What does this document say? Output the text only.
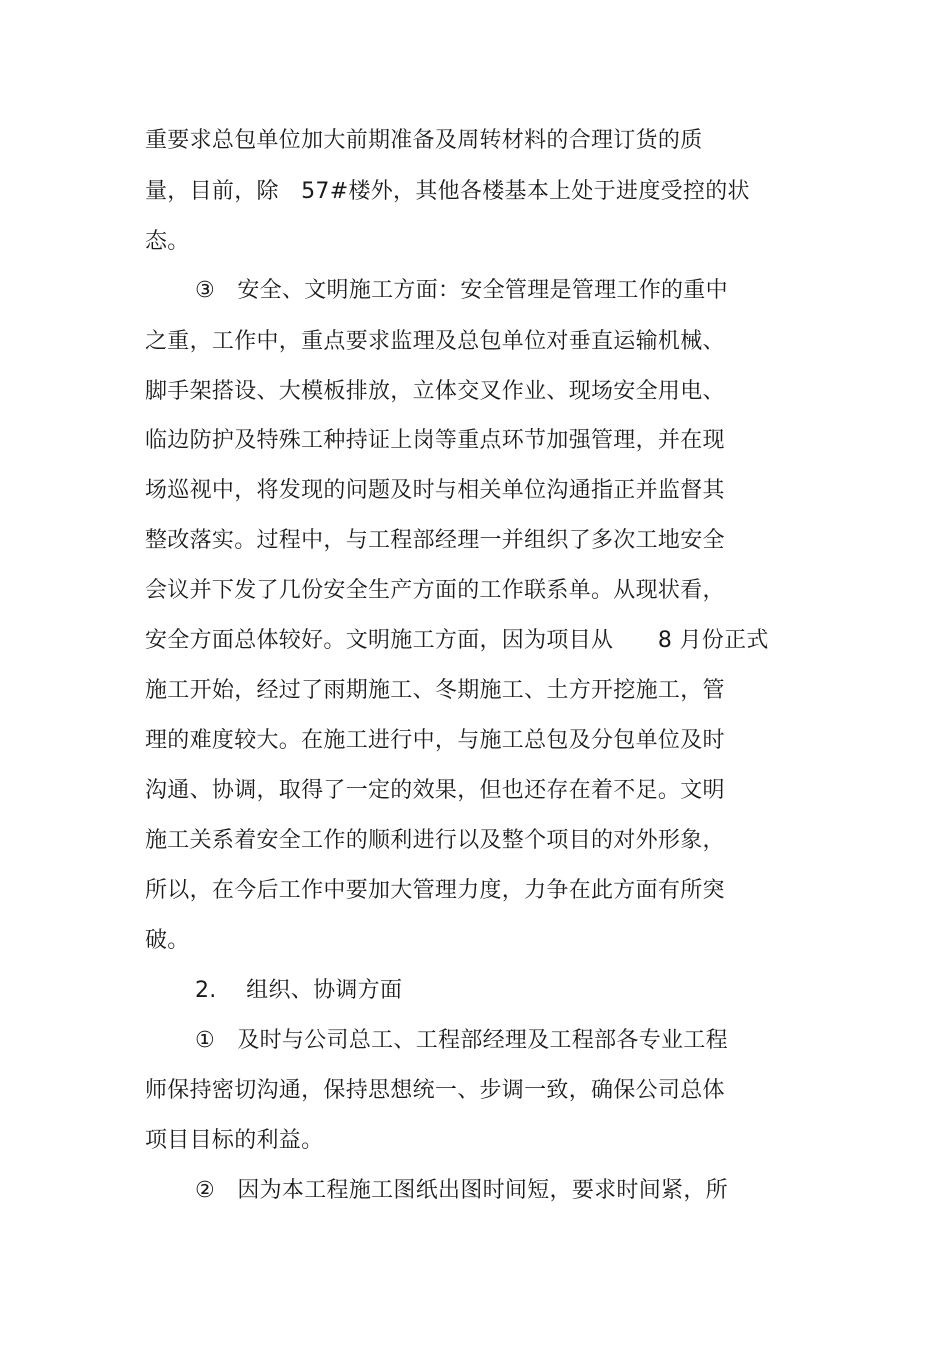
重要求总包单位加大前期准备及周转材料的合理订货的质
量，目前，除　57#楼外，其他各楼基本上处于进度受控的状
态。
③　安全、文明施工方面：安全管理是管理工作的重中
之重，工作中，重点要求监理及总包单位对垂直运输机械、
脚手架搭设、大模板排放，立体交叉作业、现场安全用电、
临边防护及特殊工种持证上岗等重点环节加强管理，并在现
场巡视中，将发现的问题及时与相关单位沟通指正并监督其
整改落实。过程中，与工程部经理一并组织了多次工地安全
会议并下发了几份安全生产方面的工作联系单。从现状看，
安全方面总体较好。文明施工方面，因为项目从　　8 月份正式
施工开始，经过了雨期施工、冬期施工、土方开挖施工，管
理的难度较大。在施工进行中，与施工总包及分包单位及时
沟通、协调，取得了一定的效果，但也还存在着不足。文明
施工关系着安全工作的顺利进行以及整个项目的对外形象，
所以，在今后工作中要加大管理力度，力争在此方面有所突
破。
2.　 组织、协调方面
①　及时与公司总工、工程部经理及工程部各专业工程
师保持密切沟通，保持思想统一、步调一致，确保公司总体
项目目标的利益。
②　因为本工程施工图纸出图时间短，要求时间紧，所
